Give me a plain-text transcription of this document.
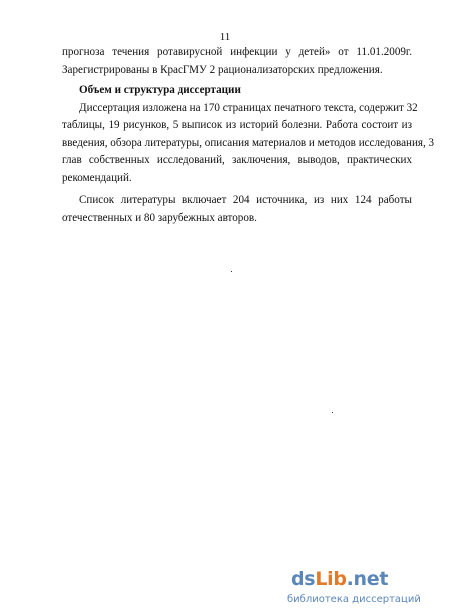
11
прогноза течения ротавирусной инфекции у детей» от 11.01.2009г.
Зарегистрированы в КрасГМУ 2 рационализаторских предложения.
Объем и структура диссертации
Диссертация изложена на 170 страницах печатного текста, содержит 32
таблицы, 19 рисунков, 5 выписок из историй болезни. Работа состоит из
введения, обзора литературы, описания материалов и методов исследования, 3
глав собственных исследований, заключения, выводов, практических
рекомендаций.
Список литературы включает 204 источника, из них 124 работы
отечественных и 80 зарубежных авторов.
dsLib.net
библиотека диссертаций
